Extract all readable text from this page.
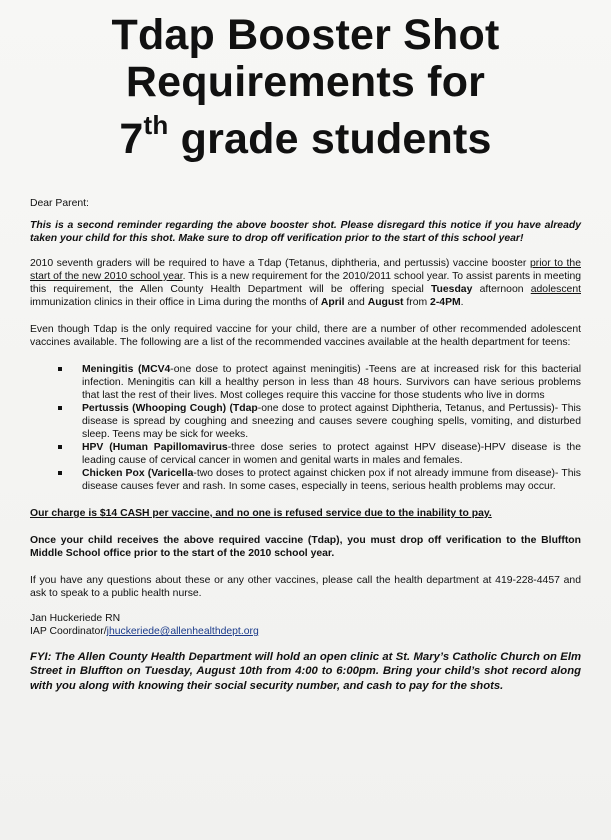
Tdap Booster Shot
Requirements for
7th grade students

Dear Parent:

This is a second reminder regarding the above booster shot. Please disregard this notice if you have already taken your child for this shot. Make sure to drop off verification prior to the start of this school year!

2010 seventh graders will be required to have a Tdap (Tetanus, diphtheria, and pertussis) vaccine booster prior to the start of the new 2010 school year. This is a new requirement for the 2010/2011 school year. To assist parents in meeting this requirement, the Allen County Health Department will be offering special Tuesday afternoon adolescent immunization clinics in their office in Lima during the months of April and August from 2-4PM.

Even though Tdap is the only required vaccine for your child, there are a number of other recommended adolescent vaccines available. The following are a list of the recommended vaccines available at the health department for teens:

Meningitis (MCV4-one dose to protect against meningitis) -Teens are at increased risk for this bacterial infection. Meningitis can kill a healthy person in less than 48 hours. Survivors can have serious problems that last the rest of their lives. Most colleges require this vaccine for those students who live in dorms
Pertussis (Whooping Cough) (Tdap-one dose to protect against Diphtheria, Tetanus, and Pertussis)- This disease is spread by coughing and sneezing and causes severe coughing spells, vomiting, and disturbed sleep. Teens may be sick for weeks.
HPV (Human Papillomavirus-three dose series to protect against HPV disease)-HPV disease is the leading cause of cervical cancer in women and genital warts in males and females.
Chicken Pox (Varicella-two doses to protect against chicken pox if not already immune from disease)- This disease causes fever and rash. In some cases, especially in teens, serious health problems may occur.

Our charge is $14 CASH per vaccine, and no one is refused service due to the inability to pay.

Once your child receives the above required vaccine (Tdap), you must drop off verification to the Bluffton Middle School office prior to the start of the 2010 school year.

If you have any questions about these or any other vaccines, please call the health department at 419-228-4457 and ask to speak to a public health nurse.

Jan Huckeriede RN

IAP Coordinator/jhuckeriede@allenhealthdept.org

FYI: The Allen County Health Department will hold an open clinic at St. Mary’s Catholic Church on Elm Street in Bluffton on Tuesday, August 10th from 4:00 to 6:00pm. Bring your child’s shot record along with you along with knowing their social security number, and cash to pay for the shots.
